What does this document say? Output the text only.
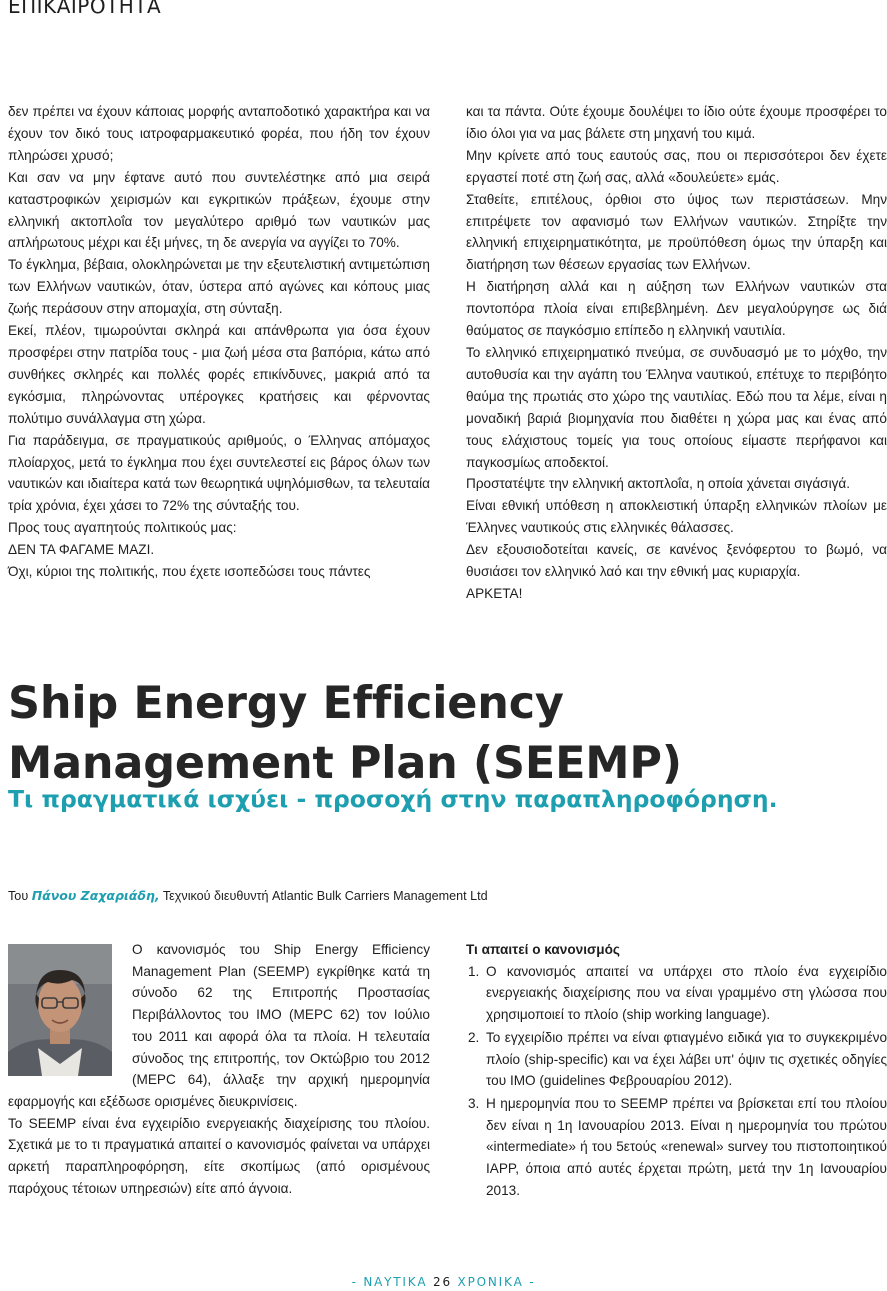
ΕΠΙΚΑΙΡΟΤΗΤΑ

δεν πρέπει να έχουν κάποιας μορφής ανταποδοτικό χαρακτήρα και να έχουν τον δικό τους ιατροφαρμακευτικό φορέα, που ήδη τον έχουν πληρώσει χρυσό;

Και σαν να μην έφτανε αυτό που συντελέστηκε από μια σειρά καταστροφικών χειρισμών και εγκριτικών πράξεων, έχουμε στην ελληνική ακτοπλοΐα τον μεγαλύτερο αριθμό των ναυτικών μας απλήρωτους μέχρι και έξι μήνες, τη δε ανεργία να αγγίζει το 70%.

Το έγκλημα, βέβαια, ολοκληρώνεται με την εξευτελιστική αντιμετώπιση των Ελλήνων ναυτικών, όταν, ύστερα από αγώνες και κόπους μιας ζωής περάσουν στην απομαχία, στη σύνταξη.

Εκεί, πλέον, τιμωρούνται σκληρά και απάνθρωπα για όσα έχουν προσφέρει στην πατρίδα τους - μια ζωή μέσα στα βαπόρια, κάτω από συνθήκες σκληρές και πολλές φορές επικίνδυνες, μακριά από τα εγκόσμια, πληρώνοντας υπέρογκες κρατήσεις και φέρνοντας πολύτιμο συνάλλαγμα στη χώρα.

Για παράδειγμα, σε πραγματικούς αριθμούς, ο Έλληνας απόμαχος πλοίαρχος, μετά το έγκλημα που έχει συντελεστεί εις βάρος όλων των ναυτικών και ιδιαίτερα κατά των θεωρητικά υψηλόμισθων, τα τελευταία τρία χρόνια, έχει χάσει το 72% της σύνταξής του.

Προς τους αγαπητούς πολιτικούς μας:

ΔΕΝ ΤΑ ΦΑΓΑΜΕ ΜΑΖΙ.

Όχι, κύριοι της πολιτικής, που έχετε ισοπεδώσει τους πάντες

και τα πάντα. Ούτε έχουμε δουλέψει το ίδιο ούτε έχουμε προσφέρει το ίδιο όλοι για να μας βάλετε στη μηχανή του κιμά.

Μην κρίνετε από τους εαυτούς σας, που οι περισσότεροι δεν έχετε εργαστεί ποτέ στη ζωή σας, αλλά «δουλεύετε» εμάς.

Σταθείτε, επιτέλους, όρθιοι στο ύψος των περιστάσεων. Μην επιτρέψετε τον αφανισμό των Ελλήνων ναυτικών. Στηρίξτε την ελληνική επιχειρηματικότητα, με προϋπόθεση όμως την ύπαρξη και διατήρηση των θέσεων εργασίας των Ελλήνων.

Η διατήρηση αλλά και η αύξηση των Ελλήνων ναυτικών στα ποντοπόρα πλοία είναι επιβεβλημένη. Δεν μεγαλούργησε ως διά θαύματος σε παγκόσμιο επίπεδο η ελληνική ναυτιλία.

Το ελληνικό επιχειρηματικό πνεύμα, σε συνδυασμό με το μόχθο, την αυτοθυσία και την αγάπη του Έλληνα ναυτικού, επέτυχε το περιβόητο θαύμα της πρωτιάς στο χώρο της ναυτιλίας. Εδώ που τα λέμε, είναι η μοναδική βαριά βιομηχανία που διαθέτει η χώρα μας και ένας από τους ελάχιστους τομείς για τους οποίους είμαστε περήφανοι και παγκοσμίως αποδεκτοί.

Προστατέψτε την ελληνική ακτοπλοΐα, η οποία χάνεται σιγάσιγά.

Είναι εθνική υπόθεση η αποκλειστική ύπαρξη ελληνικών πλοίων με Έλληνες ναυτικούς στις ελληνικές θάλασσες.

Δεν εξουσιοδοτείται κανείς, σε κανένος ξενόφερτου το βωμό, να θυσιάσει τον ελληνικό λαό και την εθνική μας κυριαρχία.

ΑΡΚΕΤΑ!

Ship Energy Efficiency Management Plan (SEEMP)
Τι πραγματικά ισχύει - προσοχή στην παραπληροφόρηση.
Του Πάνου Ζαχαριάδη, Τεχνικού διευθυντή Atlantic Bulk Carriers Management Ltd

Ο κανονισμός του Ship Energy Efficiency Management Plan (SEEMP) εγκρίθηκε κατά τη σύνοδο 62 της Επιτροπής Προστασίας Περιβάλλοντος του ΙΜΟ (ΜΕΡC 62) τον Ιούλιο του 2011 και αφορά όλα τα πλοία. Η τελευταία σύνοδος της επιτροπής, τον Οκτώβριο του 2012 (ΜΕΡC 64), άλλαξε την αρχική ημερομηνία εφαρμογής και εξέδωσε ορισμένες διευκρινίσεις.

Το SEEMP είναι ένα εγχειρίδιο ενεργειακής διαχείρισης του πλοίου. Σχετικά με το τι πραγματικά απαιτεί ο κανονισμός φαίνεται να υπάρχει αρκετή παραπληροφόρηση, είτε σκοπίμως (από ορισμένους παρόχους τέτοιων υπηρεσιών) είτε από άγνοια.

Τι απαιτεί ο κανονισμός
1. Ο κανονισμός απαιτεί να υπάρχει στο πλοίο ένα εγχειρίδιο ενεργειακής διαχείρισης που να είναι γραμμένο στη γλώσσα που χρησιμοποιεί το πλοίο (ship working language).
2. Το εγχειρίδιο πρέπει να είναι φτιαγμένο ειδικά για το συγκεκριμένο πλοίο (ship-specific) και να έχει λάβει υπ' όψιν τις σχετικές οδηγίες του ΙΜΟ (guidelines Φεβρουαρίου 2012).
3. Η ημερομηνία που το SEEMP πρέπει να βρίσκεται επί του πλοίου δεν είναι η 1η Ιανουαρίου 2013. Είναι η ημερομηνία του πρώτου «intermediate» ή του 5ετούς «renewal» survey του πιστοποιητικού ΙΑΡΡ, όποια από αυτές έρχεται πρώτη, μετά την 1η Ιανουαρίου 2013.
- ΝΑΥΤΙΚΑ 26 ΧΡΟΝΙΚΑ -
